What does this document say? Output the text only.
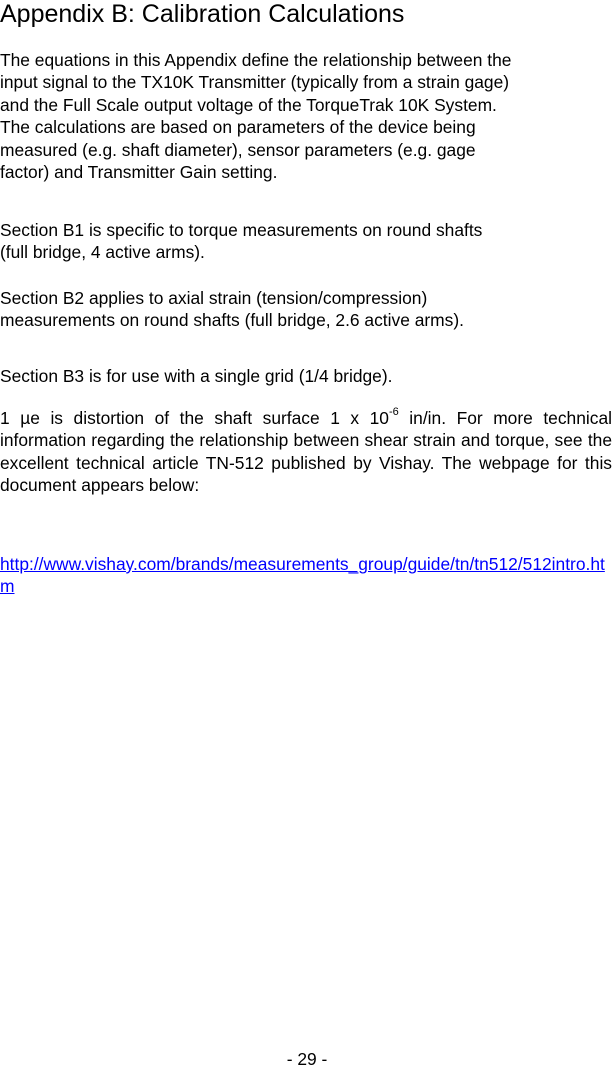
Appendix B: Calibration Calculations
The equations in this Appendix define the relationship between the
input signal to the TX10K Transmitter (typically from a strain gage)
and the Full Scale output voltage of the TorqueTrak 10K System.
The calculations are based on parameters of the device being
measured (e.g. shaft diameter), sensor parameters (e.g. gage
factor) and Transmitter Gain setting.
Section B1 is specific to torque measurements on round shafts
(full bridge, 4 active arms).
Section B2 applies to axial strain (tension/compression)
measurements on round shafts (full bridge, 2.6 active arms).
Section B3 is for use with a single grid (1/4 bridge).
1 µe is distortion of the shaft surface 1 x $10^{-6}$ in/in. For more technical information regarding the relationship between shear strain and torque, see the excellent technical article TN-512 published by Vishay. The webpage for this document appears below:
http://www.vishay.com/brands/measurements_group/guide/tn/tn512/512intro.htm
- 29 -
